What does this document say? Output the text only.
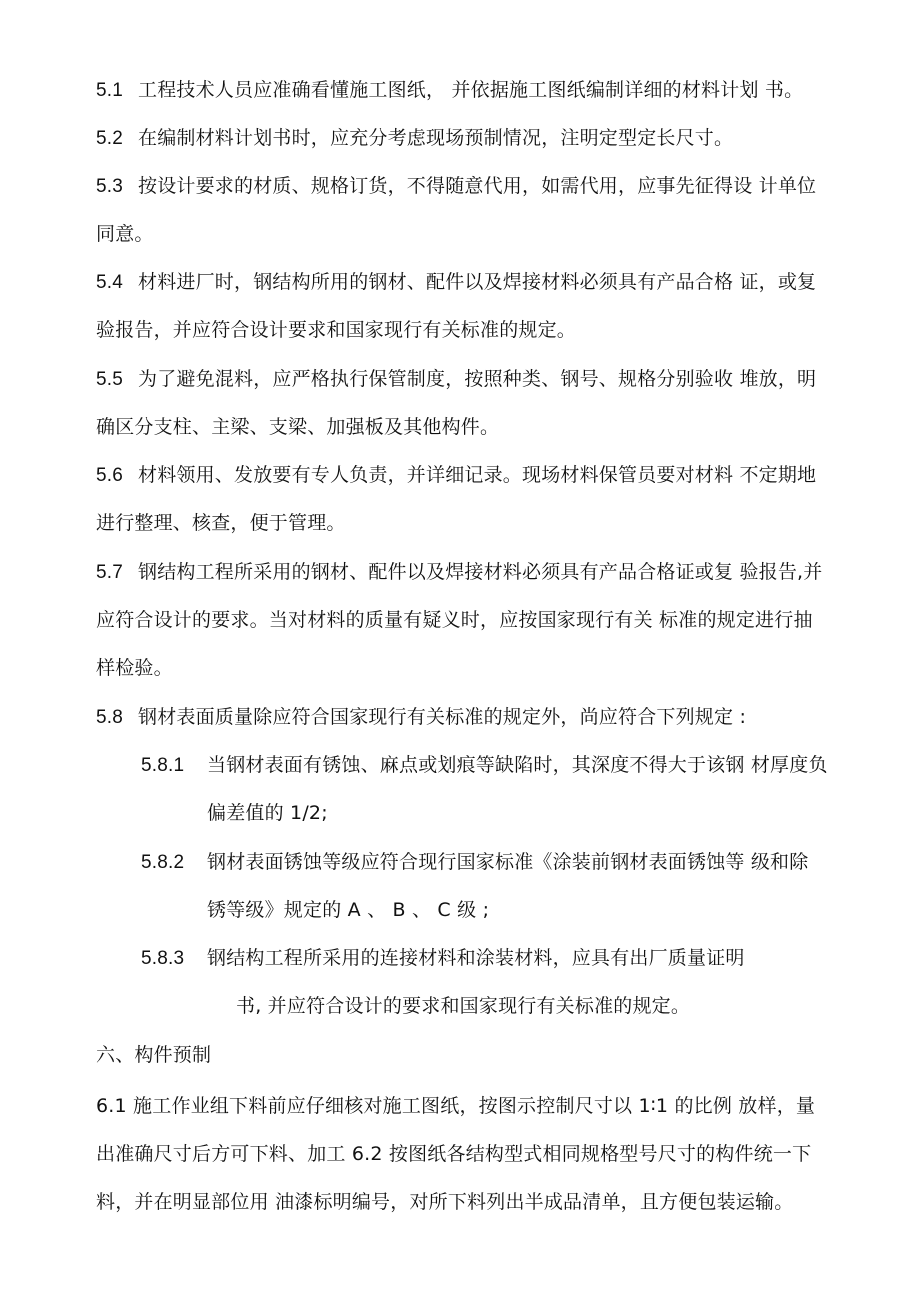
5.1 工程技术人员应准确看懂施工图纸， 并依据施工图纸编制详细的材料计划 书。
5.2 在编制材料计划书时，应充分考虑现场预制情况，注明定型定长尺寸。
5.3 按设计要求的材质、规格订货，不得随意代用，如需代用，应事先征得设 计单位
同意。
5.4 材料进厂时，钢结构所用的钢材、配件以及焊接材料必须具有产品合格 证，或复
验报告，并应符合设计要求和国家现行有关标准的规定。
5.5 为了避免混料，应严格执行保管制度，按照种类、钢号、规格分别验收 堆放，明
确区分支柱、主梁、支梁、加强板及其他构件。
5.6 材料领用、发放要有专人负责，并详细记录。现场材料保管员要对材料 不定期地
进行整理、核查，便于管理。
5.7 钢结构工程所采用的钢材、配件以及焊接材料必须具有产品合格证或复 验报告,并
应符合设计的要求。当对材料的质量有疑义时，应按国家现行有关 标准的规定进行抽
样检验。
5.8 钢材表面质量除应符合国家现行有关标准的规定外，尚应符合下列规定 :
5.8.1 当钢材表面有锈蚀、麻点或划痕等缺陷时，其深度不得大于该钢 材厚度负
偏差值的 1/2;
5.8.2 钢材表面锈蚀等级应符合现行国家标准《涂装前钢材表面锈蚀等 级和除
锈等级》规定的 A 、 B 、 C 级 ;
5.8.3 钢结构工程所采用的连接材料和涂装材料，应具有出厂质量证明
书, 并应符合设计的要求和国家现行有关标准的规定。
六、构件预制
6.1 施工作业组下料前应仔细核对施工图纸，按图示控制尺寸以 1∶1 的比例 放样，量
出准确尺寸后方可下料、加工 6.2 按图纸各结构型式相同规格型号尺寸的构件统一下
料，并在明显部位用 油漆标明编号，对所下料列出半成品清单，且方便包装运输。
